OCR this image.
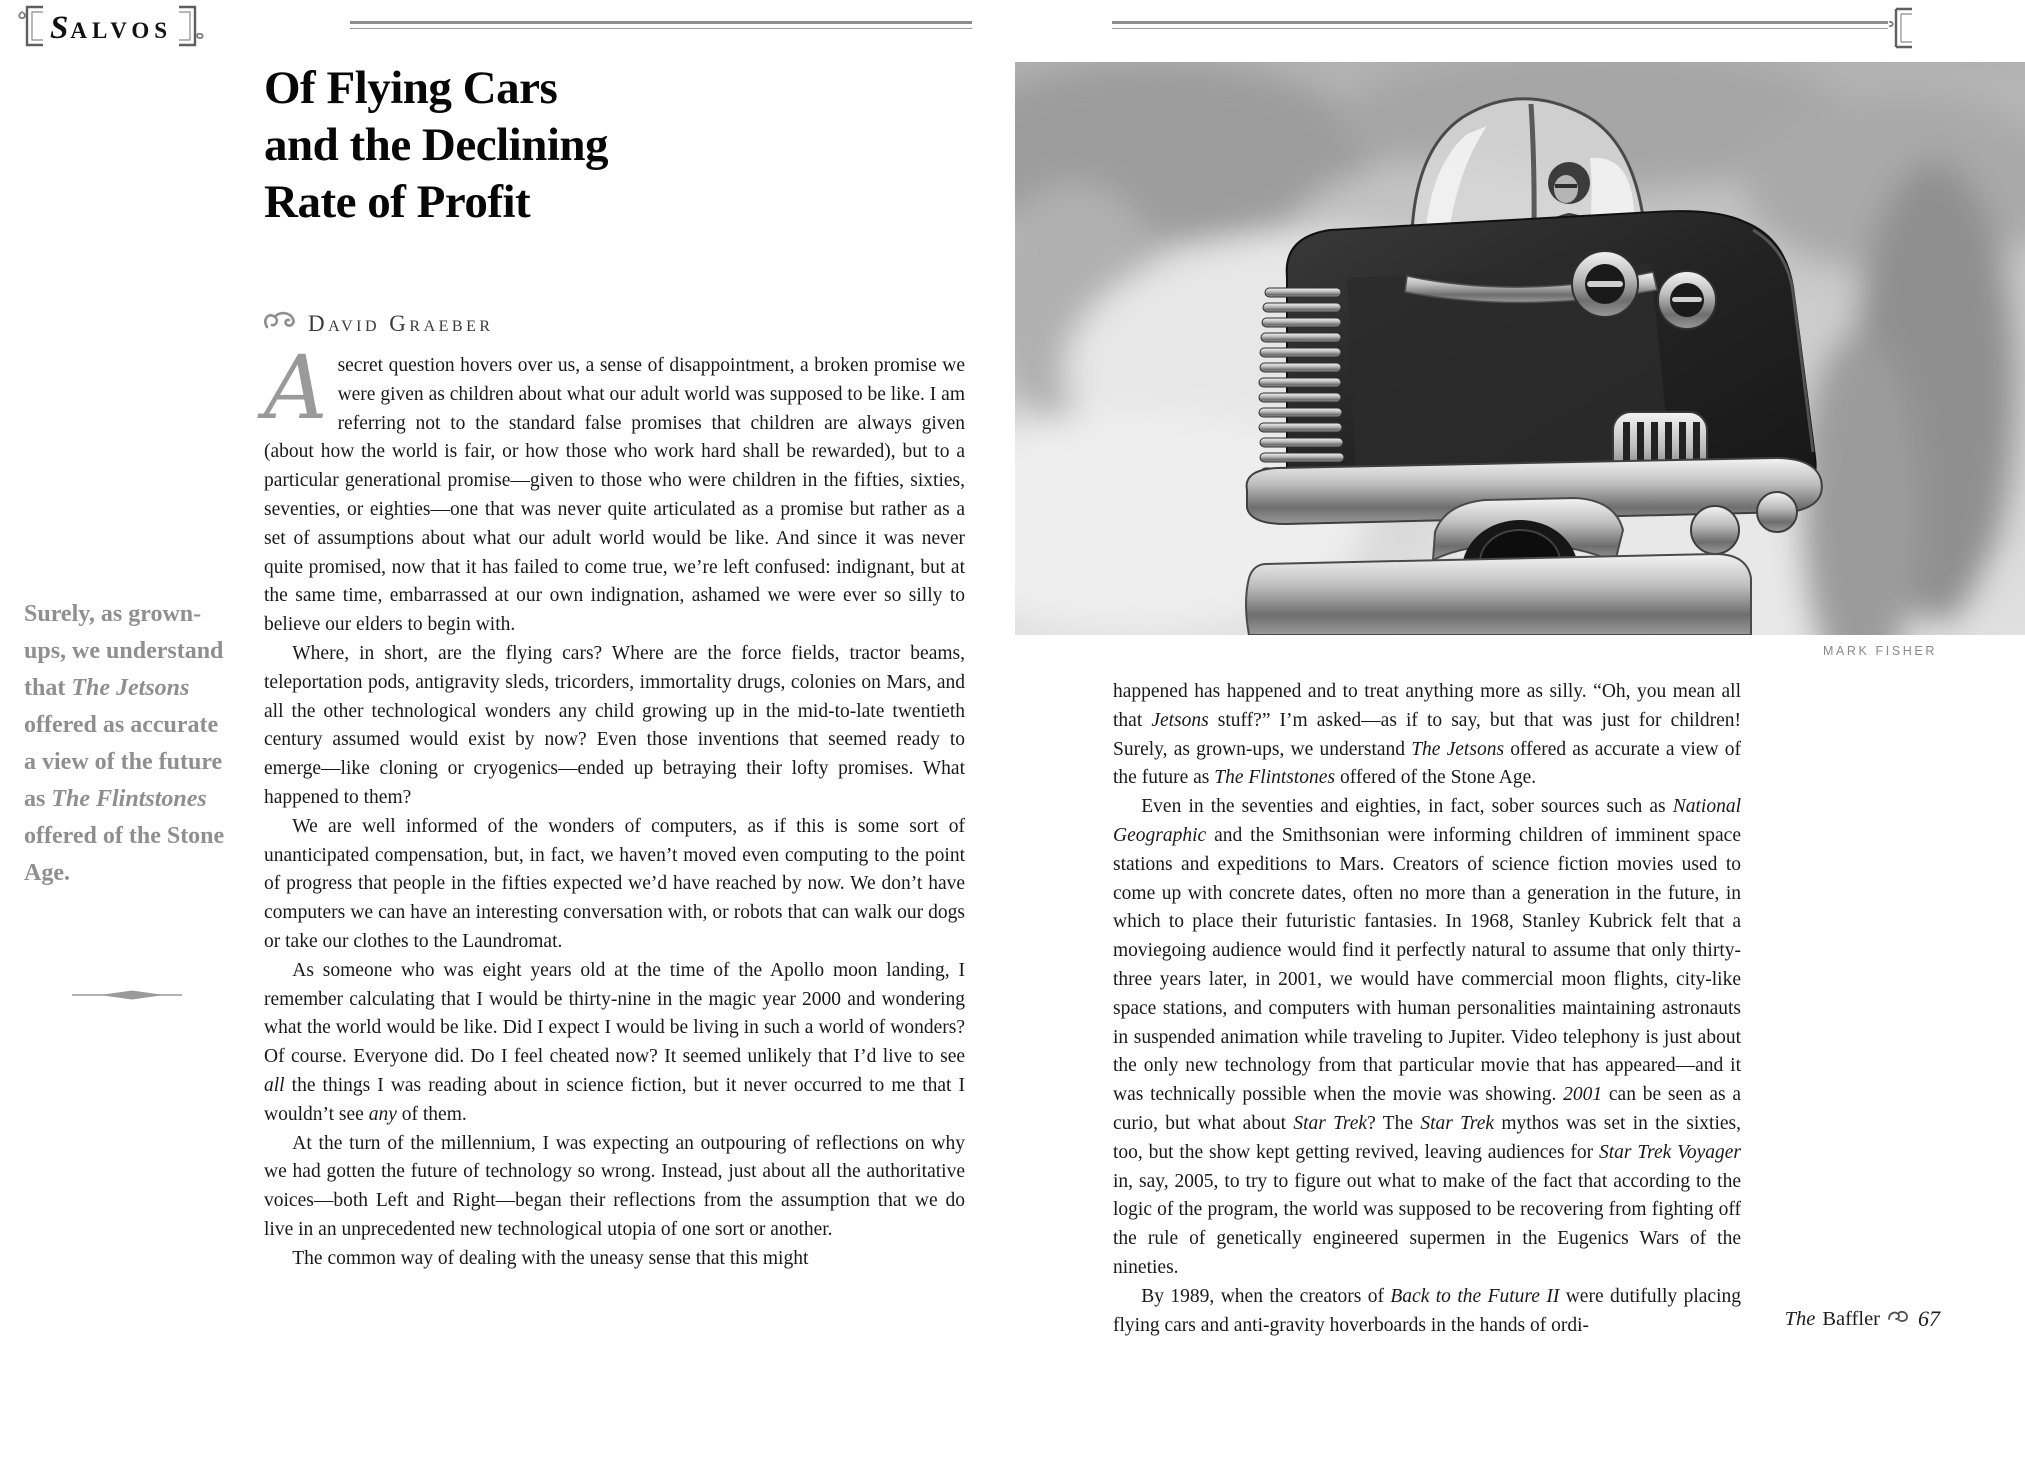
SALVOS
Of Flying Cars
and the Declining
Rate of Profit
David Graeber

Asecret question hovers over us, a sense of disappointment, a broken promise we were given as children about what our adult world was supposed to be like. I am referring not to the standard false promises that children are always given (about how the world is fair, or how those who work hard shall be rewarded), but to a particular generational promise—given to those who were children in the fifties, sixties, seventies, or eighties—one that was never quite articulated as a promise but rather as a set of assumptions about what our adult world would be like. And since it was never quite promised, now that it has failed to come true, we’re left confused: indignant, but at the same time, embarrassed at our own indignation, ashamed we were ever so silly to believe our elders to begin with.

Where, in short, are the flying cars? Where are the force fields, tractor beams, teleportation pods, antigravity sleds, tricorders, immortality drugs, colonies on Mars, and all the other technological wonders any child growing up in the mid-to-late twentieth century assumed would exist by now? Even those inventions that seemed ready to emerge—like cloning or cryogenics—ended up betraying their lofty promises. What happened to them?

We are well informed of the wonders of computers, as if this is some sort of unanticipated compensation, but, in fact, we haven’t moved even computing to the point of progress that people in the fifties expected we’d have reached by now. We don’t have computers we can have an interesting conversation with, or robots that can walk our dogs or take our clothes to the Laundromat.

As someone who was eight years old at the time of the Apollo moon landing, I remember calculating that I would be thirty-nine in the magic year 2000 and wondering what the world would be like. Did I expect I would be living in such a world of wonders? Of course. Everyone did. Do I feel cheated now? It seemed unlikely that I’d live to see all the things I was reading about in science fiction, but it never occurred to me that I wouldn’t see any of them.

At the turn of the millennium, I was expecting an outpouring of reflections on why we had gotten the future of technology so wrong. Instead, just about all the authoritative voices—both Left and Right—began their reflections from the assumption that we do live in an unprecedented new technological utopia of one sort or another.

The common way of dealing with the uneasy sense that this might

Surely, as grown-ups, we understand that The Jetsons offered as accurate a view of the future as The Flintstones offered of the Stone Age.
MARK FISHER

happened has happened and to treat anything more as silly. “Oh, you mean all that Jetsons stuff?” I’m asked—as if to say, but that was just for children! Surely, as grown-ups, we understand The Jetsons offered as accurate a view of the future as The Flintstones offered of the Stone Age.

Even in the seventies and eighties, in fact, sober sources such as National Geographic and the Smithsonian were informing children of imminent space stations and expeditions to Mars. Creators of science fiction movies used to come up with concrete dates, often no more than a generation in the future, in which to place their futuristic fantasies. In 1968, Stanley Kubrick felt that a moviegoing audience would find it perfectly natural to assume that only thirty-three years later, in 2001, we would have commercial moon flights, city-like space stations, and computers with human personalities maintaining astronauts in suspended animation while traveling to Jupiter. Video telephony is just about the only new technology from that particular movie that has appeared—and it was technically possible when the movie was showing. 2001 can be seen as a curio, but what about Star Trek? The Star Trek mythos was set in the sixties, too, but the show kept getting revived, leaving audiences for Star Trek Voyager in, say, 2005, to try to figure out what to make of the fact that according to the logic of the program, the world was supposed to be recovering from fighting off the rule of genetically engineered supermen in the Eugenics Wars of the nineties.

By 1989, when the creators of Back to the Future II were dutifully placing flying cars and anti-gravity hoverboards in the hands of ordi-	The Baffler 67
